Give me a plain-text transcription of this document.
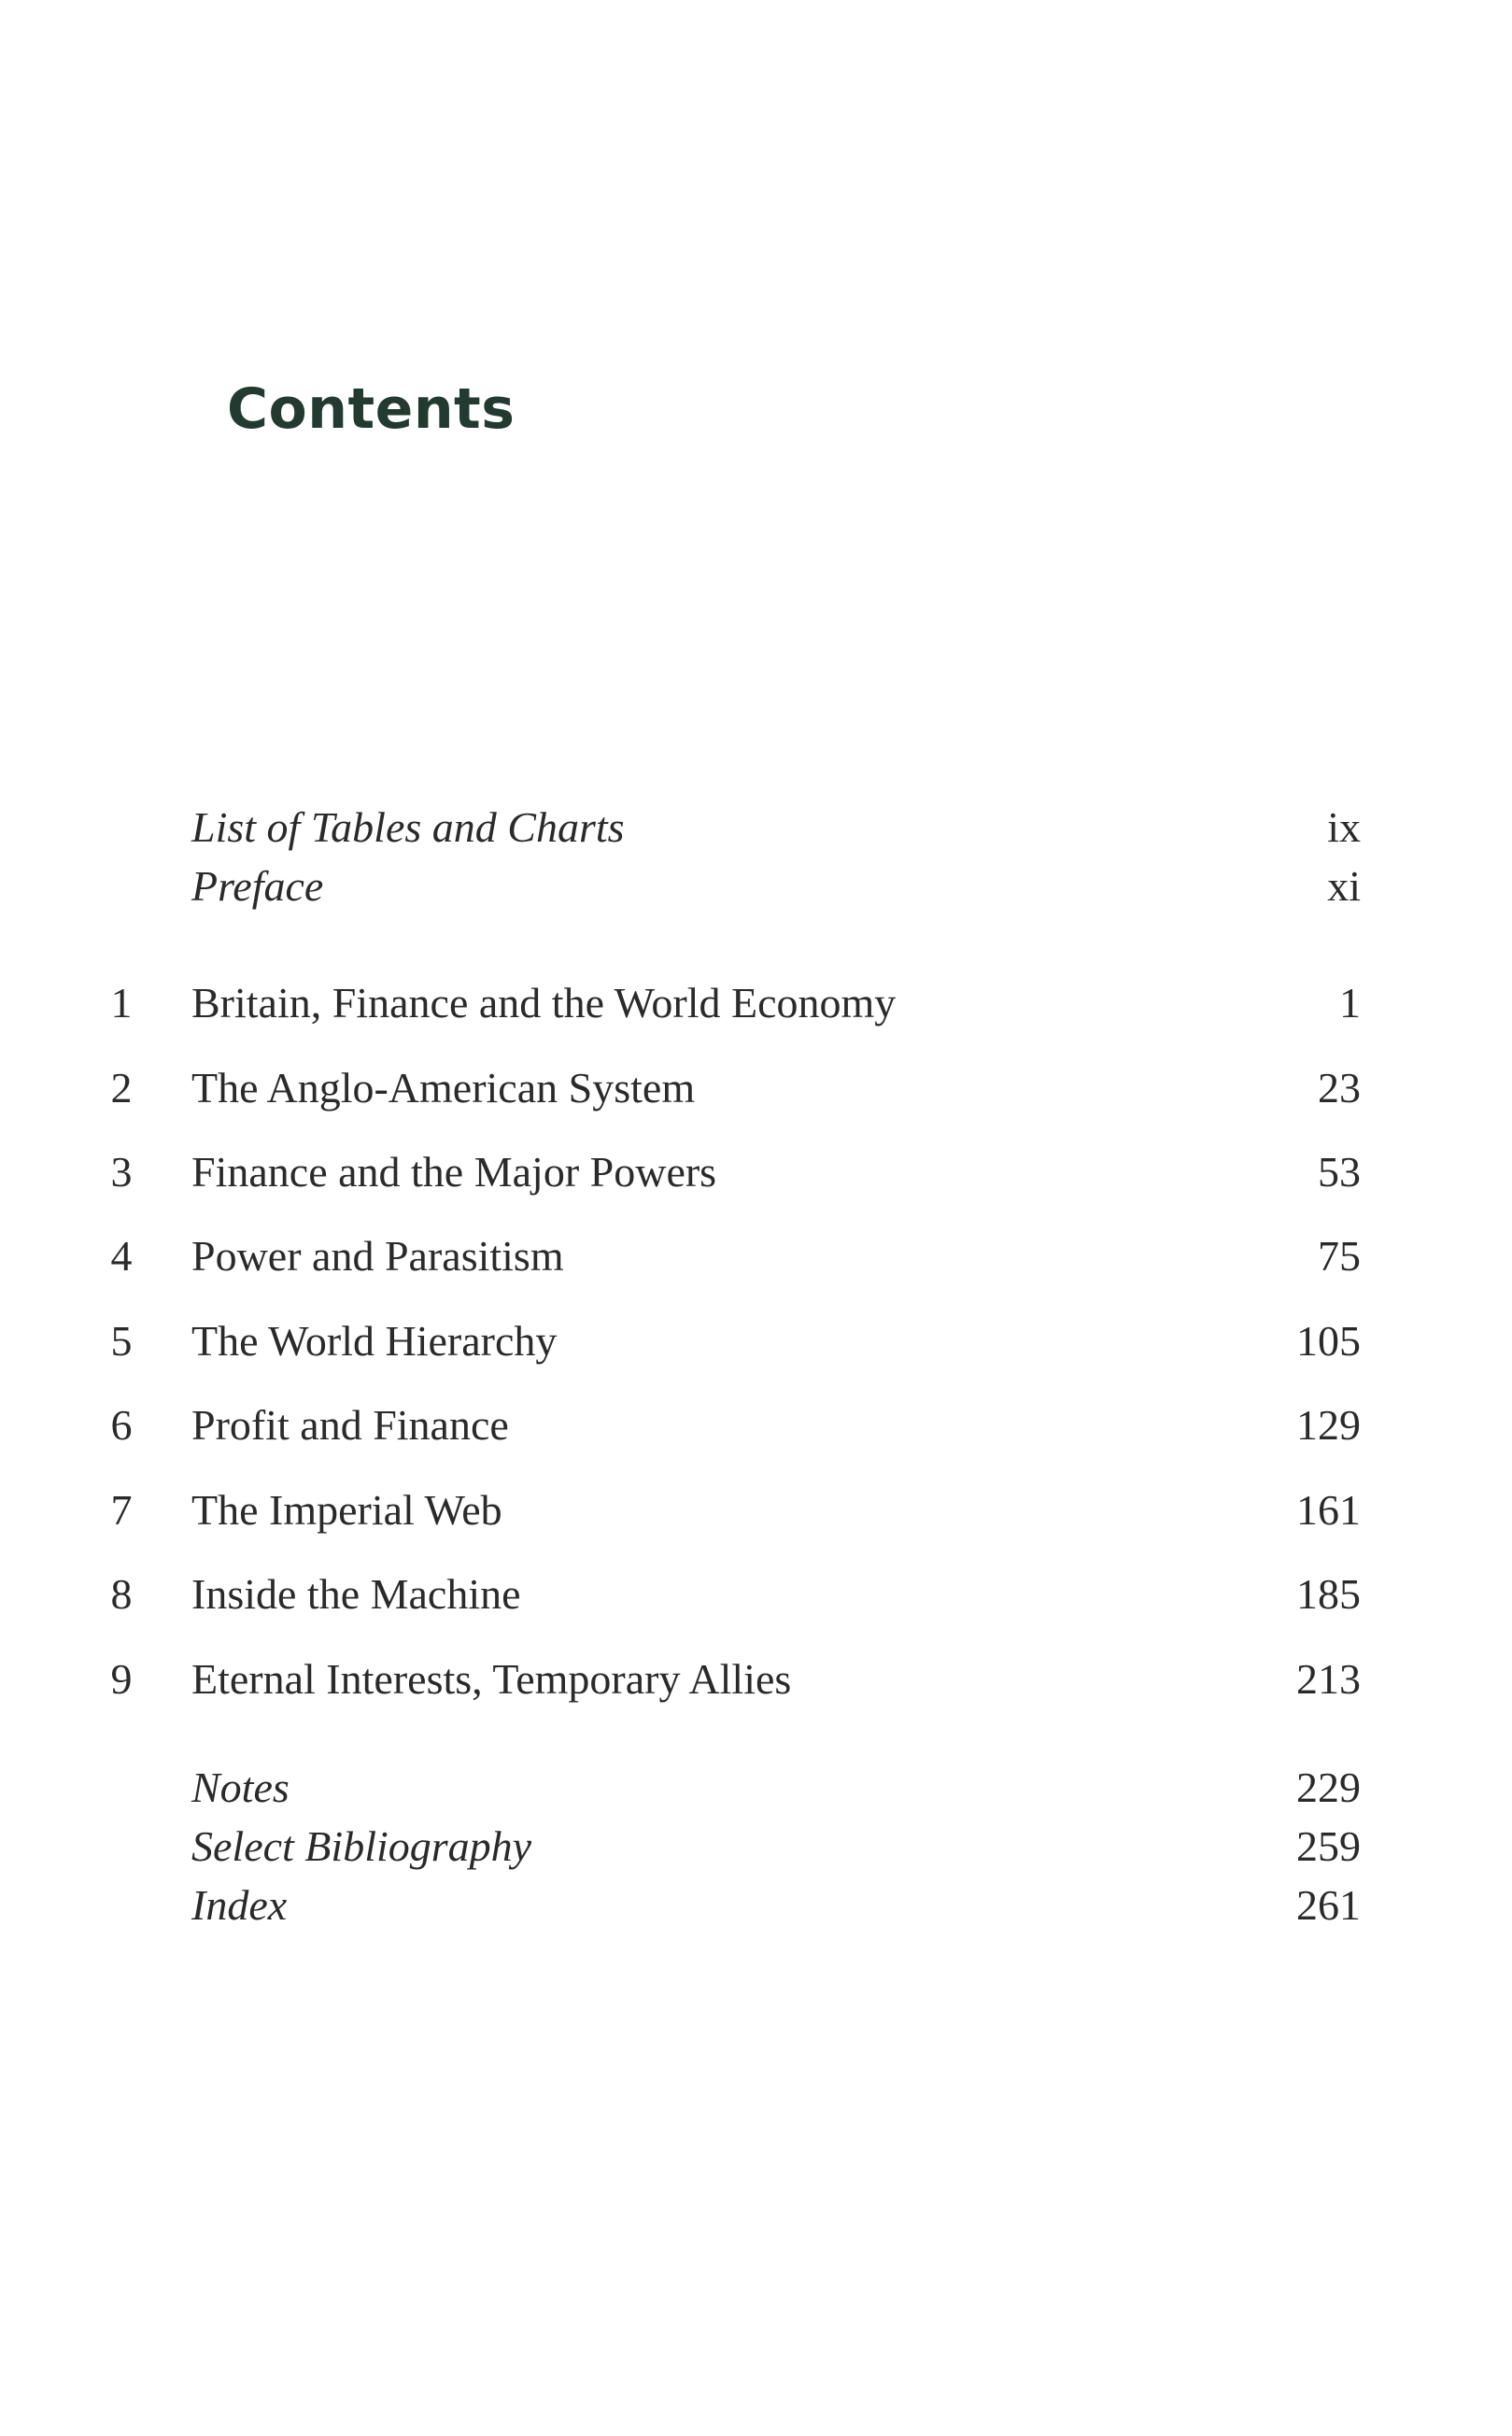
Contents
List of Tables and Charts	ix
Preface	xi
1 Britain, Finance and the World Economy	1
2 The Anglo-American System	23
3 Finance and the Major Powers	53
4 Power and Parasitism	75
5 The World Hierarchy	105
6 Profit and Finance	129
7 The Imperial Web	161
8 Inside the Machine	185
9 Eternal Interests, Temporary Allies	213
Notes	229
Select Bibliography	259
Index	261
